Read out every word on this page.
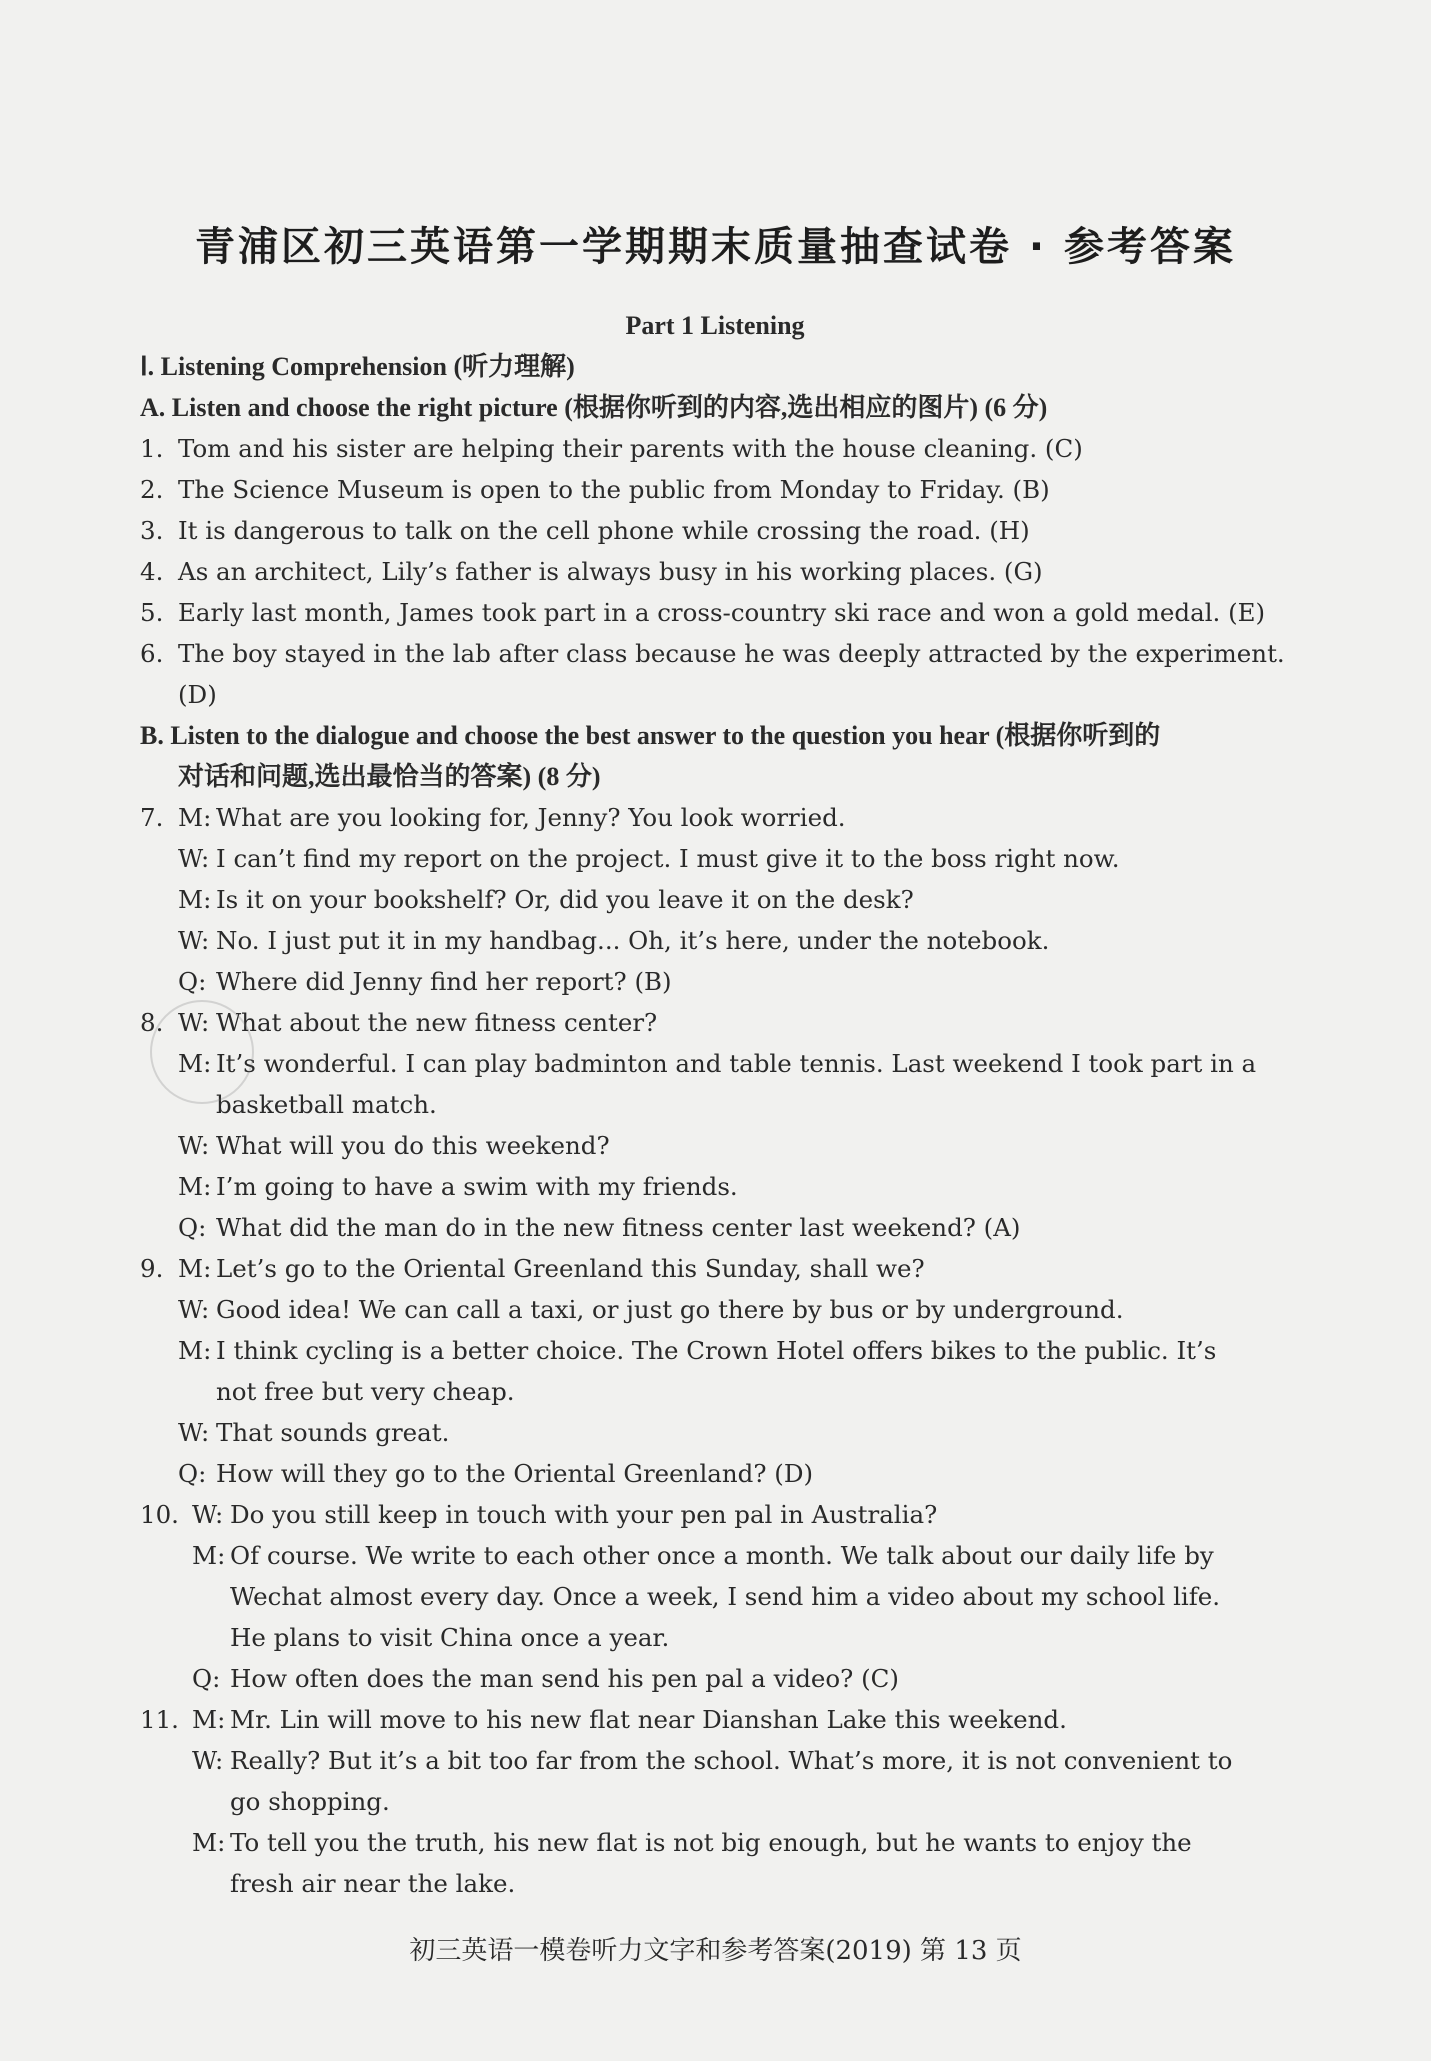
青浦区初三英语第一学期期末质量抽查试卷 · 参考答案
Part 1 Listening
Ⅰ. Listening Comprehension (听力理解)
A. Listen and choose the right picture (根据你听到的内容,选出相应的图片) (6 分)
1. Tom and his sister are helping their parents with the house cleaning. (C)
2. The Science Museum is open to the public from Monday to Friday. (B)
3. It is dangerous to talk on the cell phone while crossing the road. (H)
4. As an architect, Lily’s father is always busy in his working places. (G)
5. Early last month, James took part in a cross-country ski race and won a gold medal. (E)
6. The boy stayed in the lab after class because he was deeply attracted by the experiment.
(D)
B. Listen to the dialogue and choose the best answer to the question you hear (根据你听到的
对话和问题,选出最恰当的答案) (8 分)
7. M: What are you looking for, Jenny? You look worried.
W: I can’t find my report on the project. I must give it to the boss right now.
M: Is it on your bookshelf? Or, did you leave it on the desk?
W: No. I just put it in my handbag... Oh, it’s here, under the notebook.
Q: Where did Jenny find her report? (B)
8. W: What about the new fitness center?
M: It’s wonderful. I can play badminton and table tennis. Last weekend I took part in a
basketball match.
W: What will you do this weekend?
M: I’m going to have a swim with my friends.
Q: What did the man do in the new fitness center last weekend? (A)
9. M: Let’s go to the Oriental Greenland this Sunday, shall we?
W: Good idea! We can call a taxi, or just go there by bus or by underground.
M: I think cycling is a better choice. The Crown Hotel offers bikes to the public. It’s
not free but very cheap.
W: That sounds great.
Q: How will they go to the Oriental Greenland? (D)
10. W: Do you still keep in touch with your pen pal in Australia?
M: Of course. We write to each other once a month. We talk about our daily life by
Wechat almost every day. Once a week, I send him a video about my school life.
He plans to visit China once a year.
Q: How often does the man send his pen pal a video? (C)
11. M: Mr. Lin will move to his new flat near Dianshan Lake this weekend.
W: Really? But it’s a bit too far from the school. What’s more, it is not convenient to
go shopping.
M: To tell you the truth, his new flat is not big enough, but he wants to enjoy the
fresh air near the lake.
初三英语一模卷听力文字和参考答案(2019) 第 13 页
